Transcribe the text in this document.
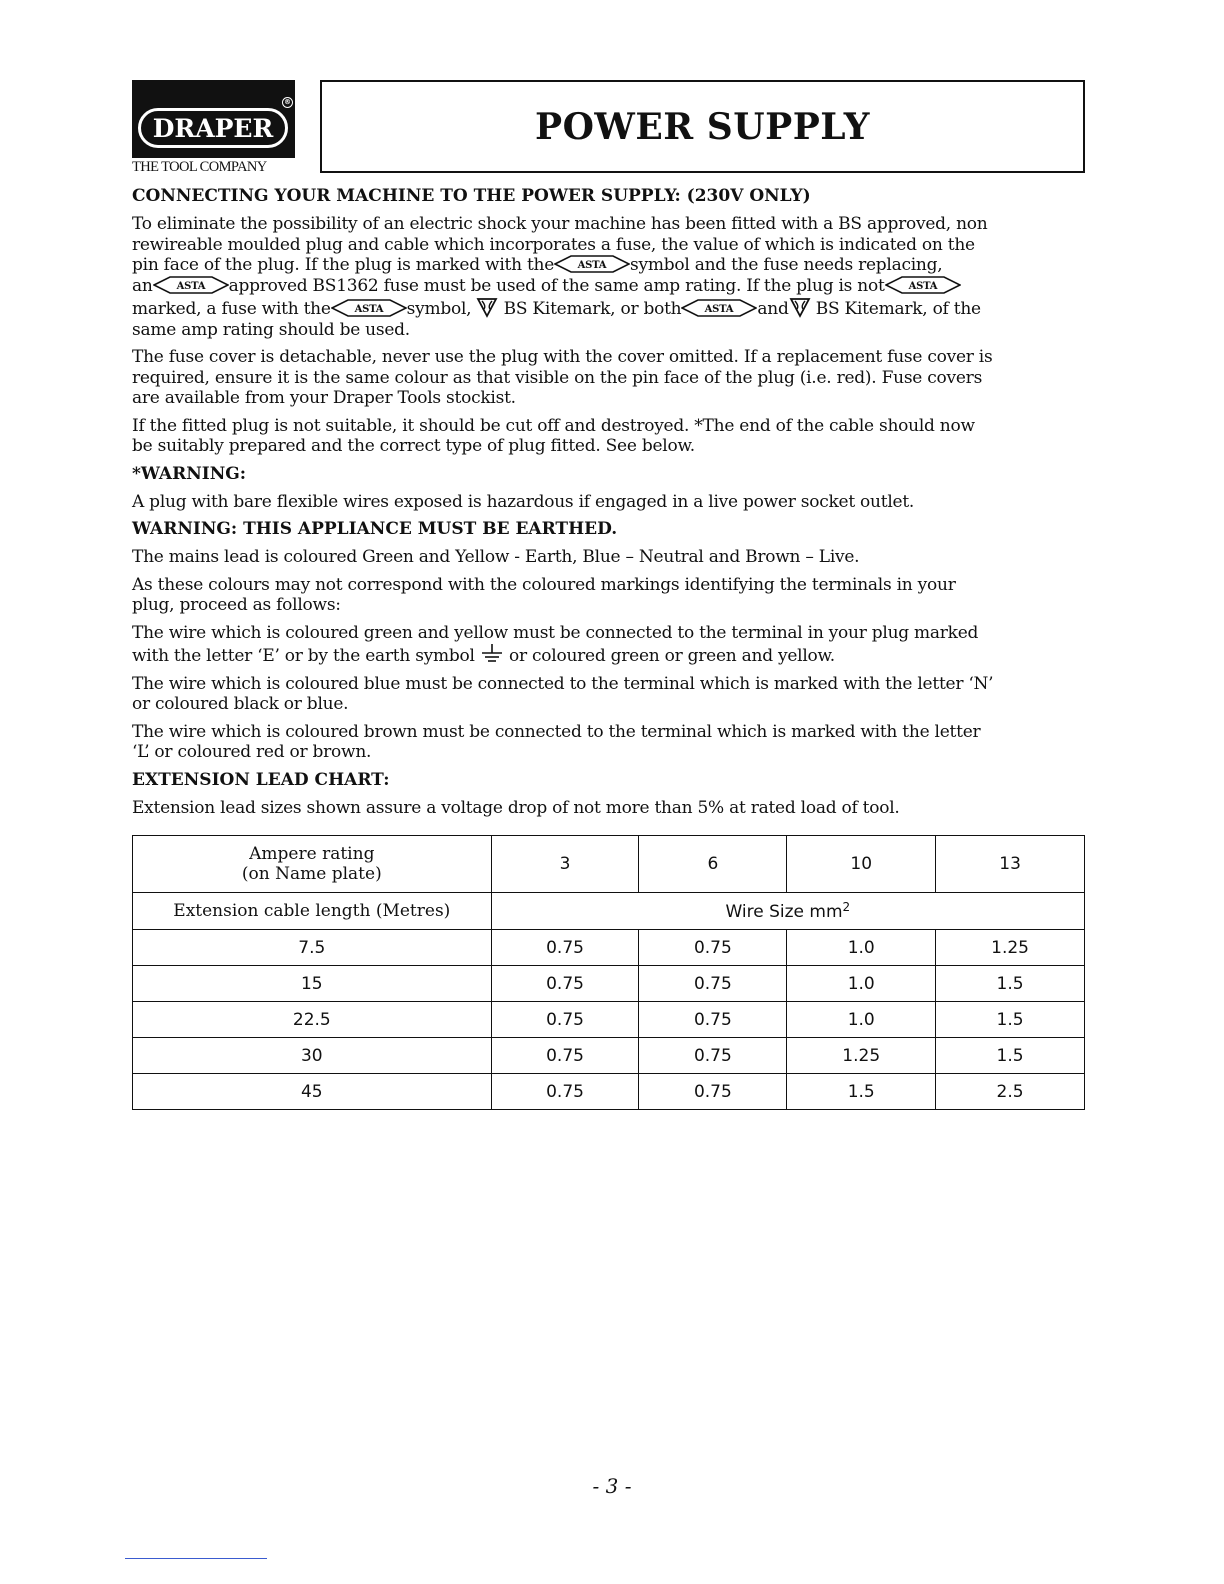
DRAPER
®
THE TOOL COMPANY
POWER SUPPLY
CONNECTING YOUR MACHINE TO THE POWER SUPPLY: (230V ONLY)
To eliminate the possibility of an electric shock your machine has been fitted with a BS approved, non
rewireable moulded plug and cable which incorporates a fuse, the value of which is indicated on the
pin face of the plug. If the plug is marked with the ASTA symbol and the fuse needs replacing,
an ASTA approved BS1362 fuse must be used of the same amp rating. If the plug is not ASTA
marked, a fuse with the ASTA symbol, BS Kitemark, or both ASTA and BS Kitemark, of the
same amp rating should be used.
The fuse cover is detachable, never use the plug with the cover omitted. If a replacement fuse cover is
required, ensure it is the same colour as that visible on the pin face of the plug (i.e. red). Fuse covers
are available from your Draper Tools stockist.
If the fitted plug is not suitable, it should be cut off and destroyed. *The end of the cable should now
be suitably prepared and the correct type of plug fitted. See below.
*WARNING:
A plug with bare flexible wires exposed is hazardous if engaged in a live power socket outlet.
WARNING: THIS APPLIANCE MUST BE EARTHED.
The mains lead is coloured Green and Yellow - Earth, Blue – Neutral and Brown – Live.
As these colours may not correspond with the coloured markings identifying the terminals in your
plug, proceed as follows:
The wire which is coloured green and yellow must be connected to the terminal in your plug marked
with the letter ‘E’ or by the earth symbol or coloured green or green and yellow.
The wire which is coloured blue must be connected to the terminal which is marked with the letter ‘N’
or coloured black or blue.
The wire which is coloured brown must be connected to the terminal which is marked with the letter
‘L’ or coloured red or brown.
EXTENSION LEAD CHART:
Extension lead sizes shown assure a voltage drop of not more than 5% at rated load of tool.
Ampere rating
(on Name plate)	3	6	10	13
Extension cable length (Metres)	Wire Size $mm^2$
7.5	0.75	0.75	1.0	1.25
15	0.75	0.75	1.0	1.5
22.5	0.75	0.75	1.0	1.5
30	0.75	0.75	1.25	1.5
45	0.75	0.75	1.5	2.5
- 3 -
